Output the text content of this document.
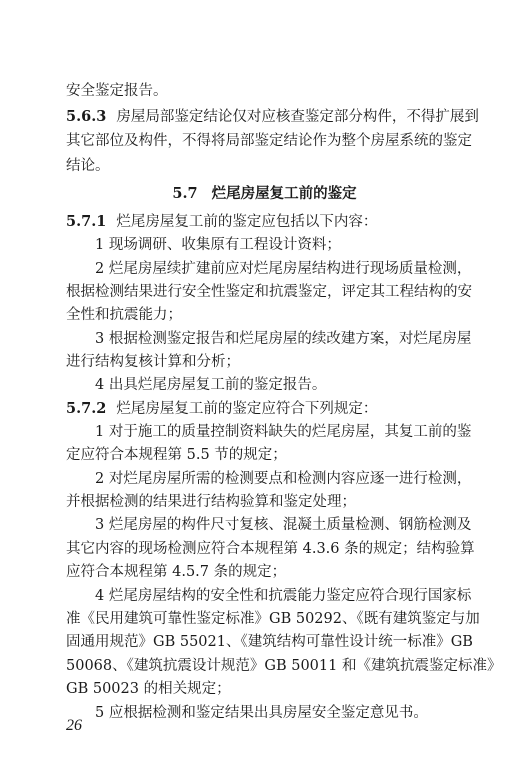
安全鉴定报告。
5.6.3 房屋局部鉴定结论仅对应核查鉴定部分构件，不得扩展到
其它部位及构件，不得将局部鉴定结论作为整个房屋系统的鉴定
结论。
5.7 烂尾房屋复工前的鉴定
5.7.1 烂尾房屋复工前的鉴定应包括以下内容：
1 现场调研、收集原有工程设计资料；
2 烂尾房屋续扩建前应对烂尾房屋结构进行现场质量检测，
根据检测结果进行安全性鉴定和抗震鉴定，评定其工程结构的安
全性和抗震能力；
3 根据检测鉴定报告和烂尾房屋的续改建方案，对烂尾房屋
进行结构复核计算和分析；
4 出具烂尾房屋复工前的鉴定报告。
5.7.2 烂尾房屋复工前的鉴定应符合下列规定：
1 对于施工的质量控制资料缺失的烂尾房屋，其复工前的鉴
定应符合本规程第 5.5 节的规定；
2 对烂尾房屋所需的检测要点和检测内容应逐一进行检测，
并根据检测的结果进行结构验算和鉴定处理；
3 烂尾房屋的构件尺寸复核、混凝土质量检测、钢筋检测及
其它内容的现场检测应符合本规程第 4.3.6 条的规定；结构验算
应符合本规程第 4.5.7 条的规定；
4 烂尾房屋结构的安全性和抗震能力鉴定应符合现行国家标
准《民用建筑可靠性鉴定标准》GB 50292、《既有建筑鉴定与加
固通用规范》GB 55021、《建筑结构可靠性设计统一标准》GB
50068、《建筑抗震设计规范》GB 50011 和《建筑抗震鉴定标准》
GB 50023 的相关规定；
5 应根据检测和鉴定结果出具房屋安全鉴定意见书。
26
